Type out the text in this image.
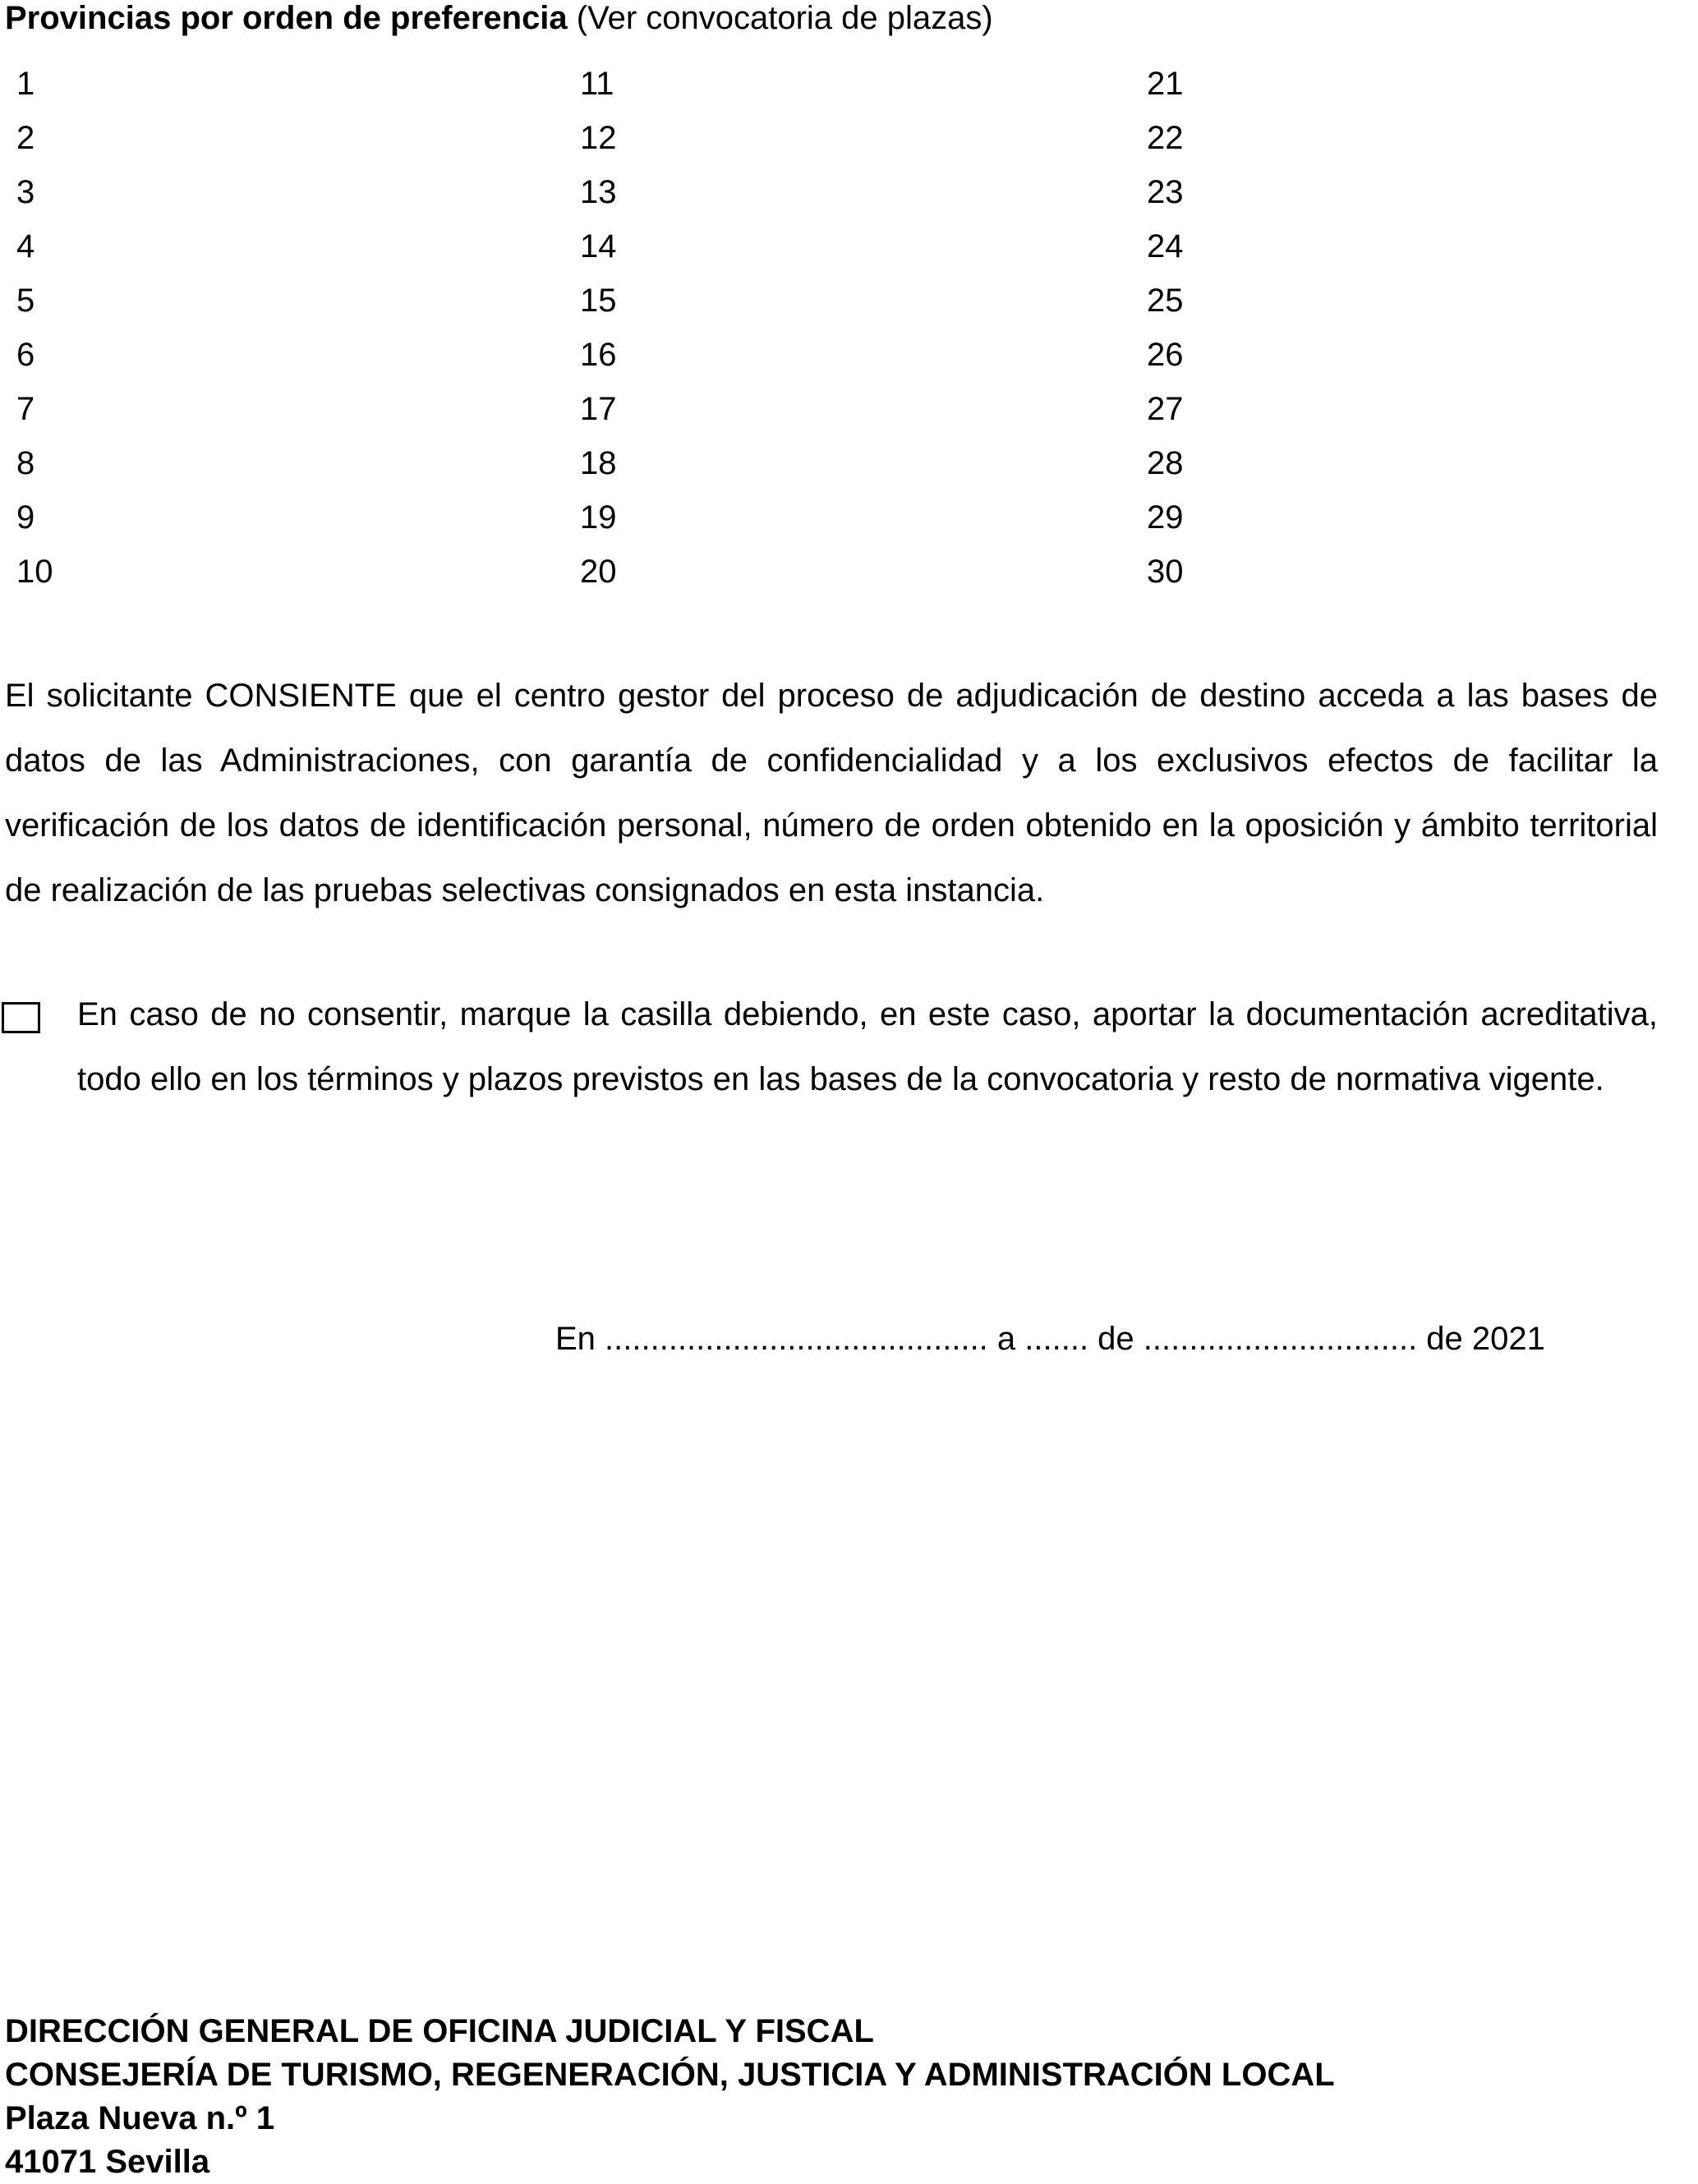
Provincias por orden de preferencia (Ver convocatoria de plazas)
1
2
3
4
5
6
7
8
9
10
11
12
13
14
15
16
17
18
19
20
21
22
23
24
25
26
27
28
29
30
El solicitante CONSIENTE que el centro gestor del proceso de adjudicación de destino acceda a las bases de datos de las Administraciones, con garantía de confidencialidad y a los exclusivos efectos de facilitar la verificación de los datos de identificación personal, número de orden obtenido en la oposición y ámbito territorial de realización de las pruebas selectivas consignados en esta instancia.
En caso de no consentir, marque la casilla debiendo, en este caso, aportar la documentación acreditativa, todo ello en los términos y plazos previstos en las bases de la convocatoria y resto de normativa vigente.
En .......................................... a ....... de .............................. de 2021
DIRECCIÓN GENERAL DE OFICINA JUDICIAL Y FISCAL
CONSEJERÍA DE TURISMO, REGENERACIÓN, JUSTICIA Y ADMINISTRACIÓN LOCAL
Plaza Nueva n.º 1
41071 Sevilla
